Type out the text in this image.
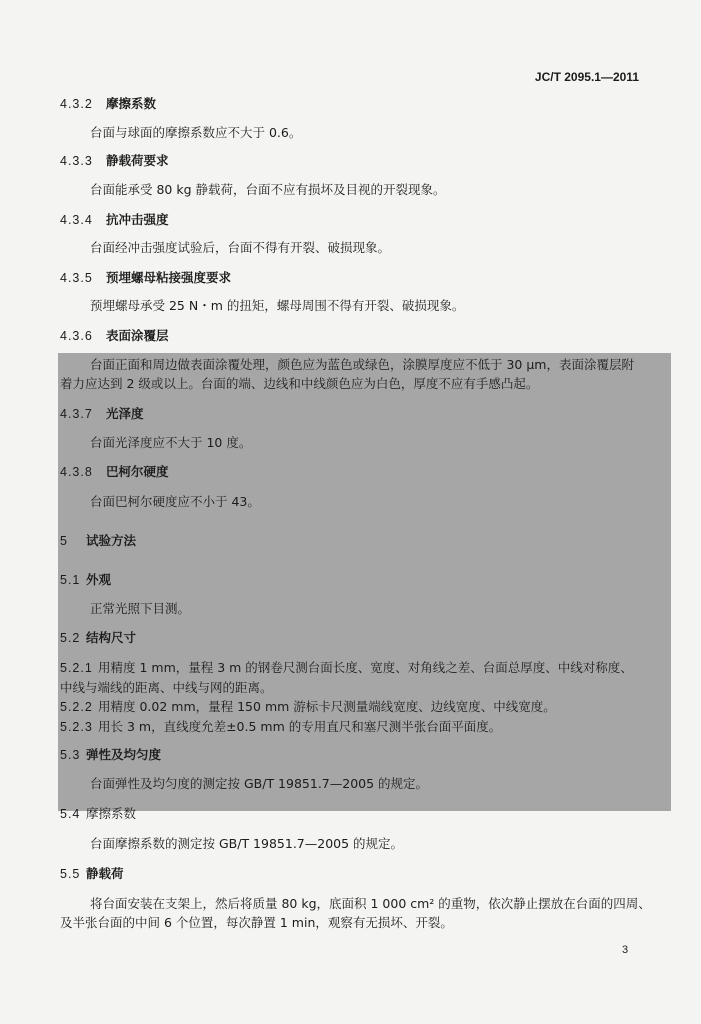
JC/T 2095.1—2011
4.3.2 摩擦系数
台面与球面的摩擦系数应不大于 0.6。
4.3.3 静载荷要求
台面能承受 80 kg 静载荷，台面不应有损坏及目视的开裂现象。
4.3.4 抗冲击强度
台面经冲击强度试验后，台面不得有开裂、破损现象。
4.3.5 预埋螺母粘接强度要求
预埋螺母承受 25 N・m 的扭矩，螺母周围不得有开裂、破损现象。
4.3.6 表面涂覆层
台面正面和周边做表面涂覆处理，颜色应为蓝色或绿色，涂膜厚度应不低于 30 μm，表面涂覆层附
着力应达到 2 级或以上。台面的端、边线和中线颜色应为白色，厚度不应有手感凸起。
4.3.7 光泽度
台面光泽度应不大于 10 度。
4.3.8 巴柯尔硬度
台面巴柯尔硬度应不小于 43。
5 试验方法
5.1 外观
正常光照下目测。
5.2 结构尺寸
5.2.1 用精度 1 mm，量程 3 m 的钢卷尺测台面长度、宽度、对角线之差、台面总厚度、中线对称度、
中线与端线的距离、中线与网的距离。
5.2.2 用精度 0.02 mm，量程 150 mm 游标卡尺测量端线宽度、边线宽度、中线宽度。
5.2.3 用长 3 m，直线度允差±0.5 mm 的专用直尺和塞尺测半张台面平面度。
5.3 弹性及均匀度
台面弹性及均匀度的测定按 GB/T 19851.7—2005 的规定。
5.4 摩擦系数
台面摩擦系数的测定按 GB/T 19851.7—2005 的规定。
5.5 静载荷
将台面安装在支架上，然后将质量 80 kg，底面积 1 000 cm² 的重物，依次静止摆放在台面的四周、
及半张台面的中间 6 个位置，每次静置 1 min，观察有无损坏、开裂。
3
